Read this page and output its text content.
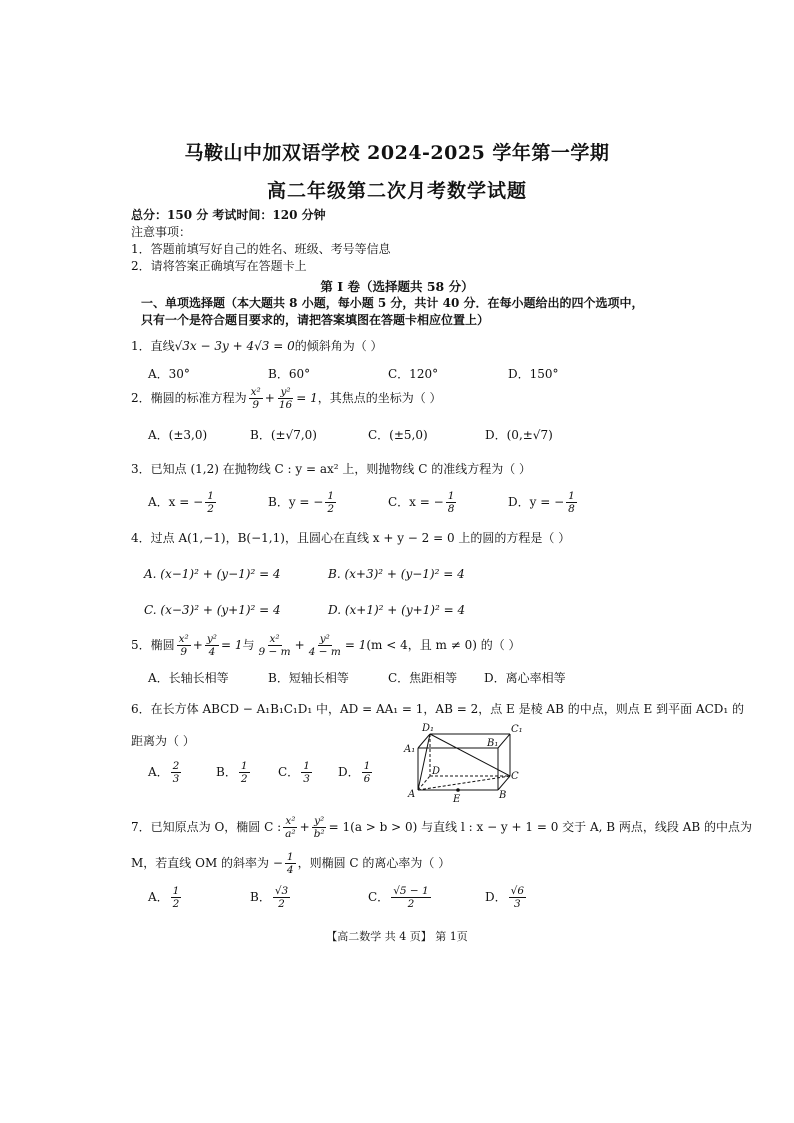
马鞍山中加双语学校 2024-2025 学年第一学期
高二年级第二次月考数学试题
总分：150 分 考试时间：120 分钟
注意事项：
1．答题前填写好自己的姓名、班级、考号等信息
2．请将答案正确填写在答题卡上
第 I 卷（选择题共 58 分）
一、单项选择题（本大题共 8 小题，每小题 5 分，共计 40 分．在每小题给出的四个选项中，
只有一个是符合题目要求的，请把答案填图在答题卡相应位置上）
1．直线√3x − 3y + 4√3 = 0的倾斜角为（ ）
A．30°	B．60°	C．120°	D．150°
2．椭圆的标准方程为 $\frac{\text{x²}}{9} + \frac{\text{y²}}{16} = 1$，其焦点的坐标为（ ）
A．(±3,0)	B．(±√7,0)	C．(±5,0)	D．(0,±√7)
3．已知点 (1,2) 在抛物线 C : y = ax² 上，则抛物线 C 的准线方程为（ ）
A．x = − $\frac{1}{2}$	B．y = − $\frac{1}{2}$	C．x = − $\frac{1}{8}$	D．y = − $\frac{1}{8}$
4．过点 A(1,−1)，B(−1,1)，且圆心在直线 x + y − 2 = 0 上的圆的方程是（ ）
A. (x−1)² + (y−1)² = 4	B. (x+3)² + (y−1)² = 4
C. (x−3)² + (y+1)² = 4	D. (x+1)² + (y+1)² = 4
5．椭圆 $\frac{\text{x²}}{9} + \frac{\text{y²}}{4} = 1$与 $\frac{\text{x²}}{9 - m} + \frac{\text{y²}}{4 - m} = 1(m < 4$，且 m ≠ 0) 的（ ）
A．长轴长相等	B．短轴长相等	C．焦距相等 D．离心率相等
6．在长方体 ABCD − A₁B₁C₁D₁ 中，AD = AA₁ = 1，AB = 2，点 E 是棱 AB 的中点，则点 E 到平面 ACD₁ 的
距离为（ ）
A． $\frac{2}{3}$	B． $\frac{1}{2}$ C． $\frac{1}{3}$ D． $\frac{1}{6}$
D₁	C₁
A₁
B₁
D	C
A	E	B
7．已知原点为 O，椭圆 C : $\frac{\text{x²}}{\text{a²}} + \frac{\text{y²}}{\text{b²}} = 1(a > b > 0)$ 与直线 l : x − y + 1 = 0 交于 A, B 两点，线段 AB 的中点为
M，若直线 OM 的斜率为 − $\frac{1}{4}$ ，则椭圆 C 的离心率为（ ）
A． $\frac{1}{2}$	B． $\frac{√3}{2}$	C． $\frac{√5 - 1}{2}$	D． $\frac{√6}{3}$
【高二数学 共 4 页】 第 1页
